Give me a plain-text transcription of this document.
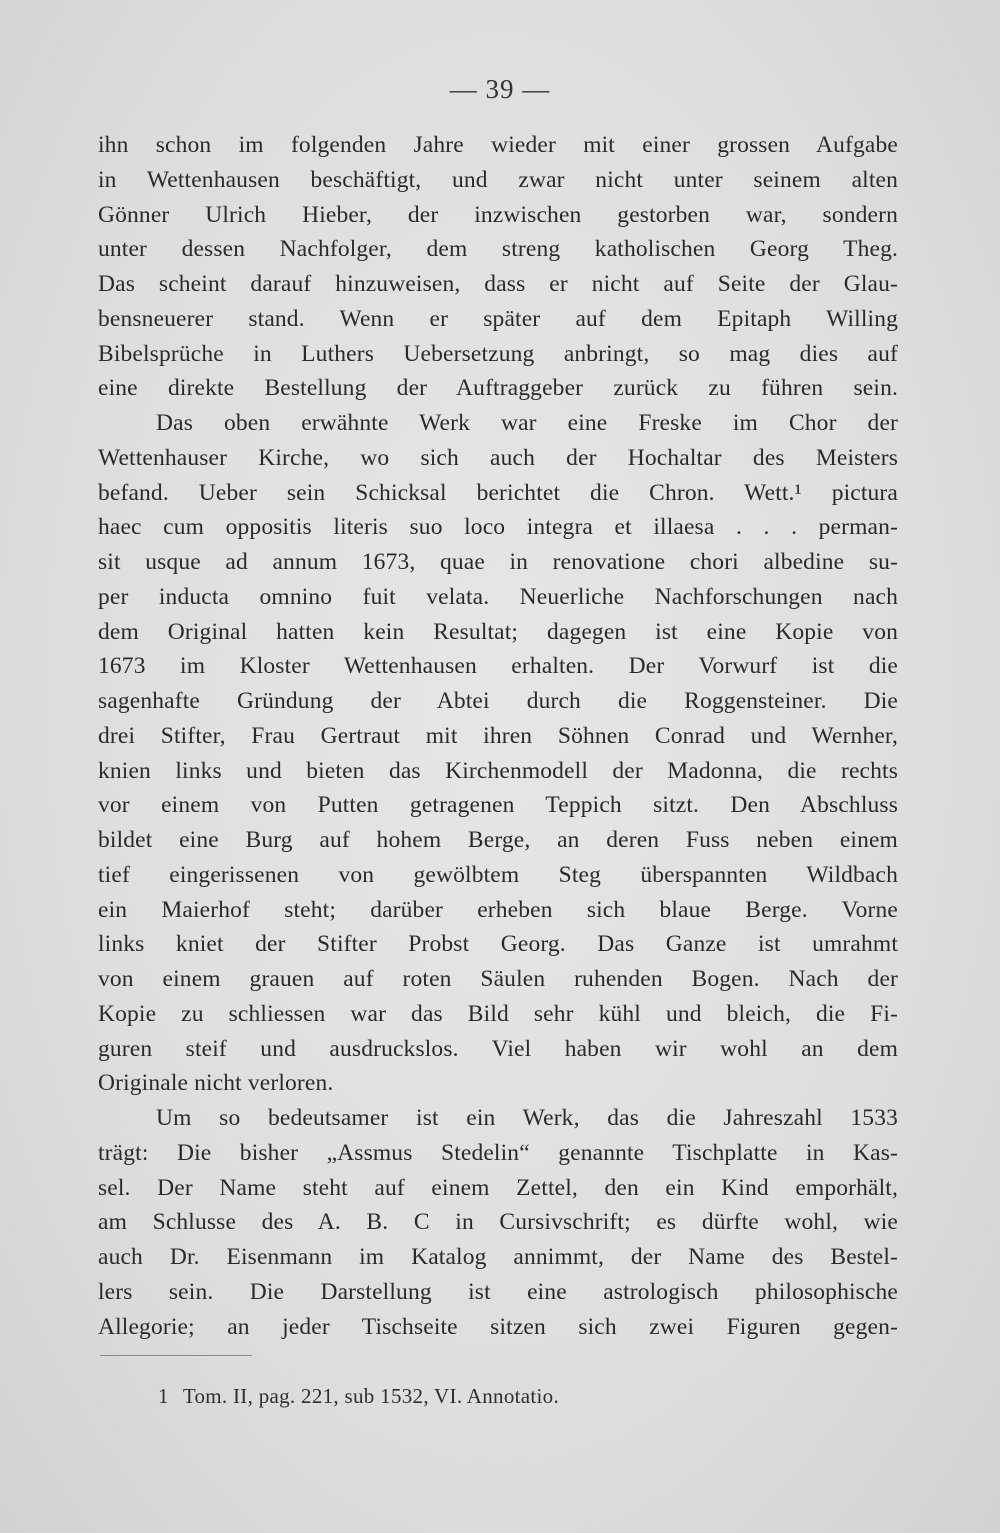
— 39 —
ihn schon im folgenden Jahre wieder mit einer grossen Aufgabe
in Wettenhausen beschäftigt, und zwar nicht unter seinem alten
Gönner Ulrich Hieber, der inzwischen gestorben war, sondern
unter dessen Nachfolger, dem streng katholischen Georg Theg.
Das scheint darauf hinzuweisen, dass er nicht auf Seite der Glau-
bensneuerer stand. Wenn er später auf dem Epitaph Willing
Bibelsprüche in Luthers Uebersetzung anbringt, so mag dies auf
eine direkte Bestellung der Auftraggeber zurück zu führen sein.
Das oben erwähnte Werk war eine Freske im Chor der
Wettenhauser Kirche, wo sich auch der Hochaltar des Meisters
befand. Ueber sein Schicksal berichtet die Chron. Wett.¹ pictura
haec cum oppositis literis suo loco integra et illaesa . . . perman-
sit usque ad annum 1673, quae in renovatione chori albedine su-
per inducta omnino fuit velata. Neuerliche Nachforschungen nach
dem Original hatten kein Resultat; dagegen ist eine Kopie von
1673 im Kloster Wettenhausen erhalten. Der Vorwurf ist die
sagenhafte Gründung der Abtei durch die Roggensteiner. Die
drei Stifter, Frau Gertraut mit ihren Söhnen Conrad und Wernher,
knien links und bieten das Kirchenmodell der Madonna, die rechts
vor einem von Putten getragenen Teppich sitzt. Den Abschluss
bildet eine Burg auf hohem Berge, an deren Fuss neben einem
tief eingerissenen von gewölbtem Steg überspannten Wildbach
ein Maierhof steht; darüber erheben sich blaue Berge. Vorne
links kniet der Stifter Probst Georg. Das Ganze ist umrahmt
von einem grauen auf roten Säulen ruhenden Bogen. Nach der
Kopie zu schliessen war das Bild sehr kühl und bleich, die Fi-
guren steif und ausdruckslos. Viel haben wir wohl an dem
Originale nicht verloren.
Um so bedeutsamer ist ein Werk, das die Jahreszahl 1533
trägt: Die bisher „Assmus Stedelin“ genannte Tischplatte in Kas-
sel. Der Name steht auf einem Zettel, den ein Kind emporhält,
am Schlusse des A. B. C in Cursivschrift; es dürfte wohl, wie
auch Dr. Eisenmann im Katalog annimmt, der Name des Bestel-
lers sein. Die Darstellung ist eine astrologisch philosophische
Allegorie; an jeder Tischseite sitzen sich zwei Figuren gegen-
1 Tom. II, pag. 221, sub 1532, VI. Annotatio.
